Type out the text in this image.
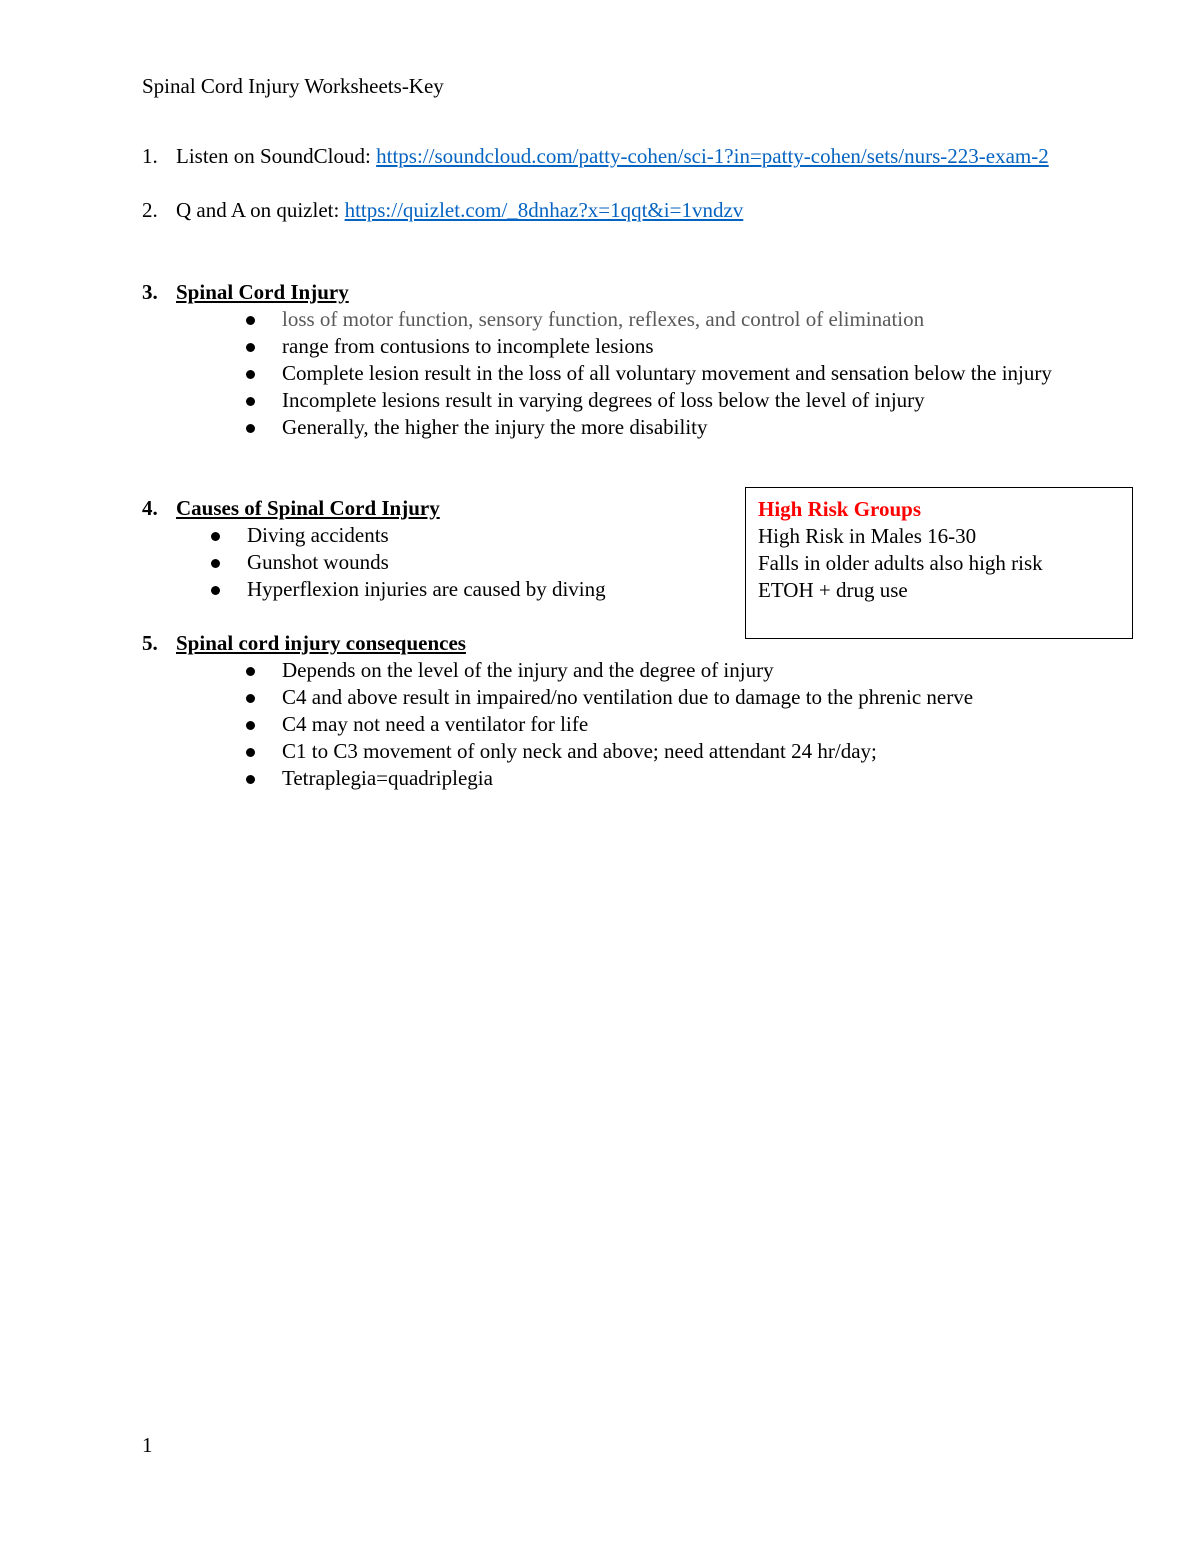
Spinal Cord Injury Worksheets-Key
1. Listen on SoundCloud: https://soundcloud.com/patty-cohen/sci-1?in=patty-cohen/sets/nurs-223-exam-2
2. Q and A on quizlet: https://quizlet.com/_8dnhaz?x=1qqt&i=1vndzv
3. Spinal Cord Injury
loss of motor function, sensory function, reflexes, and control of elimination
range from contusions to incomplete lesions
Complete lesion result in the loss of all voluntary movement and sensation below the injury
Incomplete lesions result in varying degrees of loss below the level of injury
Generally, the higher the injury the more disability
4. Causes of Spinal Cord Injury
Diving accidents
Gunshot wounds
Hyperflexion injuries are caused by diving
High Risk Groups
High Risk in Males 16-30
Falls in older adults also high risk
ETOH + drug use
5. Spinal cord injury consequences
Depends on the level of the injury and the degree of injury
C4 and above result in impaired/no ventilation due to damage to the phrenic nerve
C4 may not need a ventilator for life
C1 to C3 movement of only neck and above; need attendant 24 hr/day;
Tetraplegia=quadriplegia
1
